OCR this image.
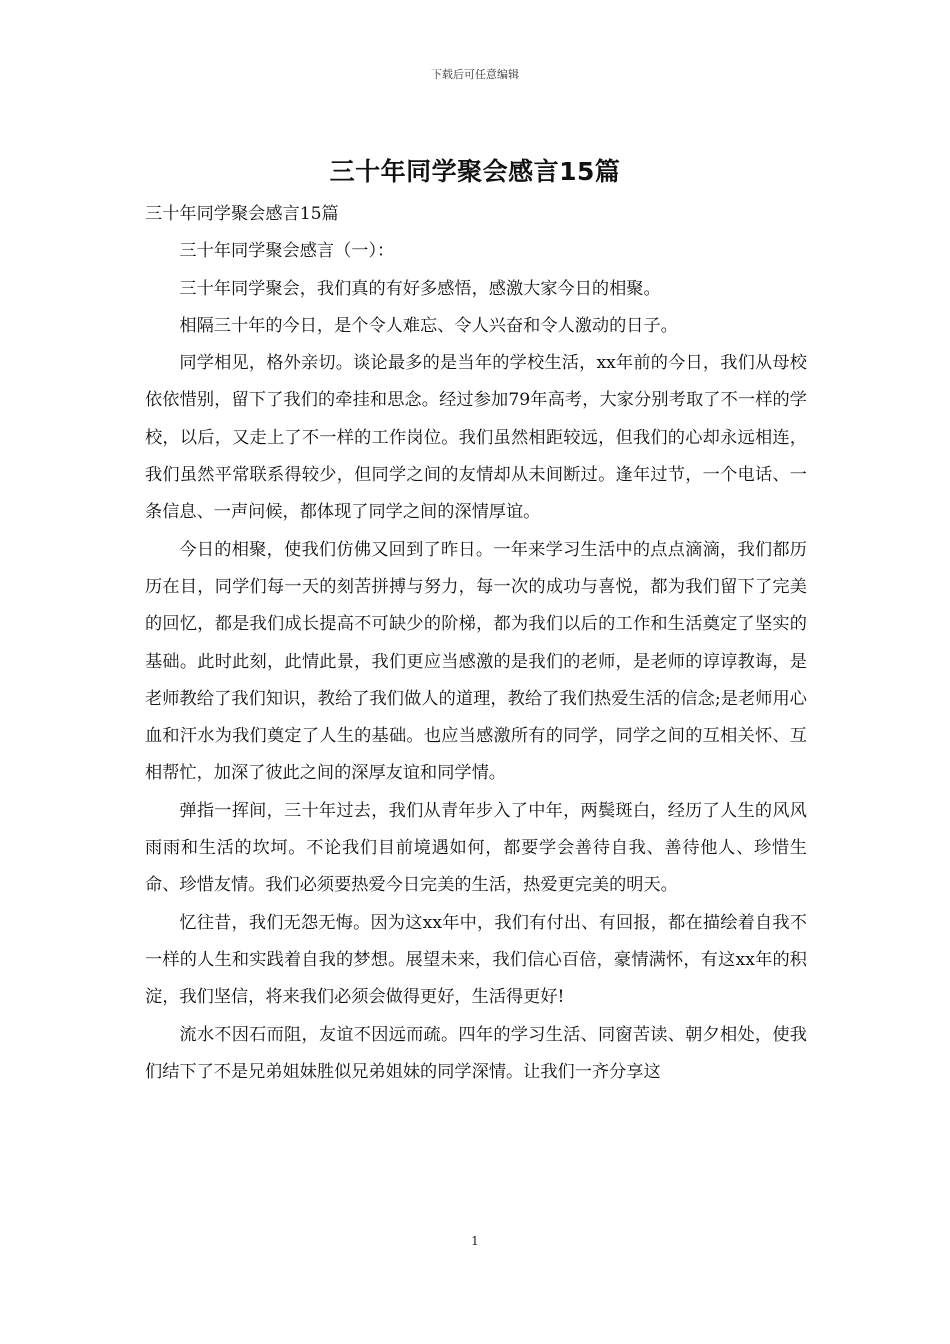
下载后可任意编辑
三十年同学聚会感言15篇

三十年同学聚会感言15篇

三十年同学聚会感言（一）：

三十年同学聚会，我们真的有好多感悟，感激大家今日的相聚。

相隔三十年的今日，是个令人难忘、令人兴奋和令人激动的日子。

同学相见，格外亲切。谈论最多的是当年的学校生活，xx年前的今日，我们从母校依依惜别，留下了我们的牵挂和思念。经过参加79年高考，大家分别考取了不一样的学校，以后，又走上了不一样的工作岗位。我们虽然相距较远，但我们的心却永远相连，我们虽然平常联系得较少，但同学之间的友情却从未间断过。逢年过节，一个电话、一条信息、一声问候，都体现了同学之间的深情厚谊。

今日的相聚，使我们仿佛又回到了昨日。一年来学习生活中的点点滴滴，我们都历历在目，同学们每一天的刻苦拼搏与努力，每一次的成功与喜悦，都为我们留下了完美的回忆，都是我们成长提高不可缺少的阶梯，都为我们以后的工作和生活奠定了坚实的基础。此时此刻，此情此景，我们更应当感激的是我们的老师，是老师的谆谆教诲，是老师教给了我们知识，教给了我们做人的道理，教给了我们热爱生活的信念;是老师用心血和汗水为我们奠定了人生的基础。也应当感激所有的同学，同学之间的互相关怀、互相帮忙，加深了彼此之间的深厚友谊和同学情。

弹指一挥间，三十年过去，我们从青年步入了中年，两鬓斑白，经历了人生的风风雨雨和生活的坎坷。不论我们目前境遇如何，都要学会善待自我、善待他人、珍惜生命、珍惜友情。我们必须要热爱今日完美的生活，热爱更完美的明天。

忆往昔，我们无怨无悔。因为这xx年中，我们有付出、有回报，都在描绘着自我不一样的人生和实践着自我的梦想。展望未来，我们信心百倍，豪情满怀，有这xx年的积淀，我们坚信，将来我们必须会做得更好，生活得更好!

流水不因石而阻，友谊不因远而疏。四年的学习生活、同窗苦读、朝夕相处，使我们结下了不是兄弟姐妹胜似兄弟姐妹的同学深情。让我们一齐分享这

1
